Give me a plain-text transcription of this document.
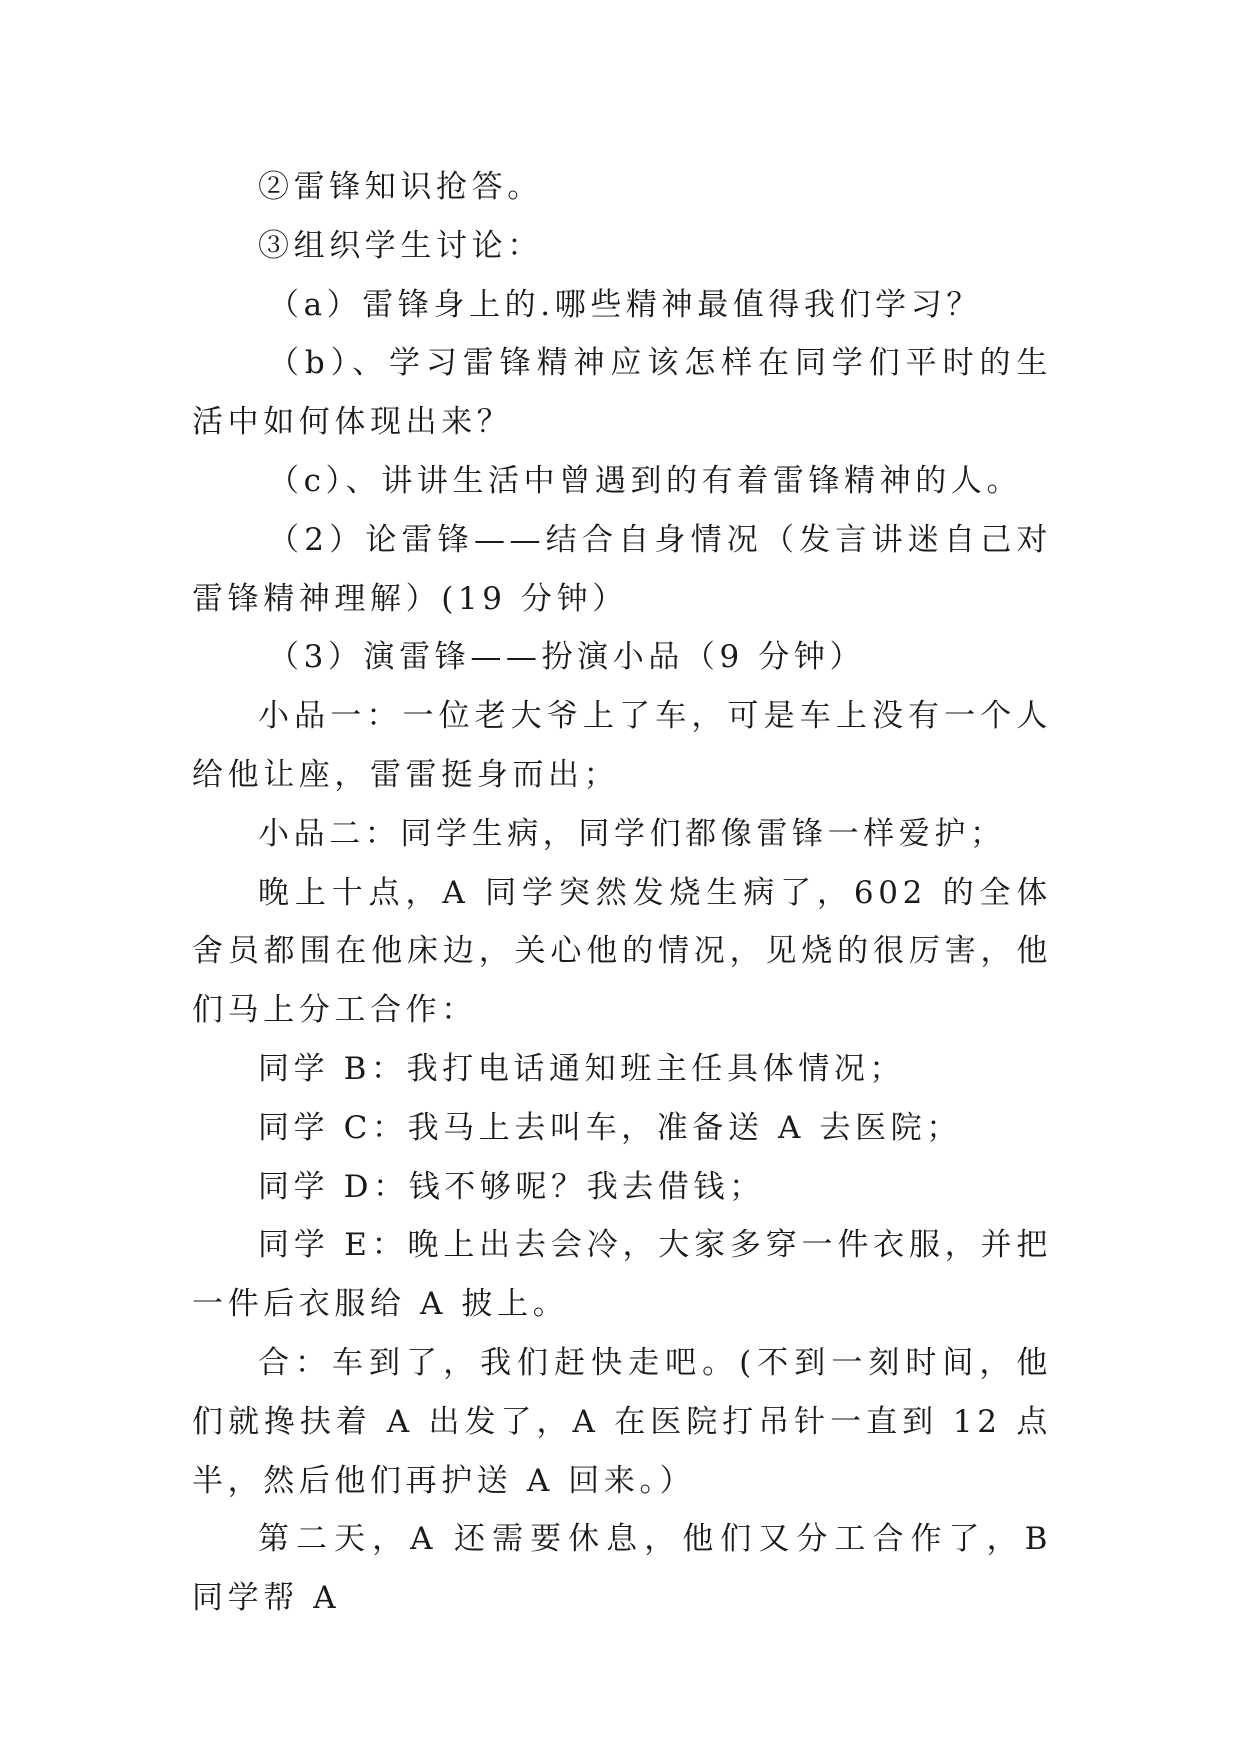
②雷锋知识抢答。

③组织学生讨论：

（a）雷锋身上的.哪些精神最值得我们学习？

（b）、学习雷锋精神应该怎样在同学们平时的生活中如何体现出来？

（c）、讲讲生活中曾遇到的有着雷锋精神的人。

（2）论雷锋——结合自身情况（发言讲迷自己对雷锋精神理解）(19 分钟）

（3）演雷锋——扮演小品（9 分钟）

小品一：一位老大爷上了车，可是车上没有一个人给他让座，雷雷挺身而出；

小品二：同学生病，同学们都像雷锋一样爱护；

晚上十点，A 同学突然发烧生病了，602 的全体舍员都围在他床边，关心他的情况，见烧的很厉害，他们马上分工合作：

同学 B：我打电话通知班主任具体情况；

同学 C：我马上去叫车，准备送 A 去医院；

同学 D：钱不够呢？我去借钱；

同学 E：晚上出去会冷，大家多穿一件衣服，并把一件后衣服给 A 披上。

合：车到了，我们赶快走吧。(不到一刻时间，他们就搀扶着 A 出发了，A 在医院打吊针一直到 12 点半，然后他们再护送 A 回来。）

第二天，A 还需要休息，他们又分工合作了，B 同学帮 A
